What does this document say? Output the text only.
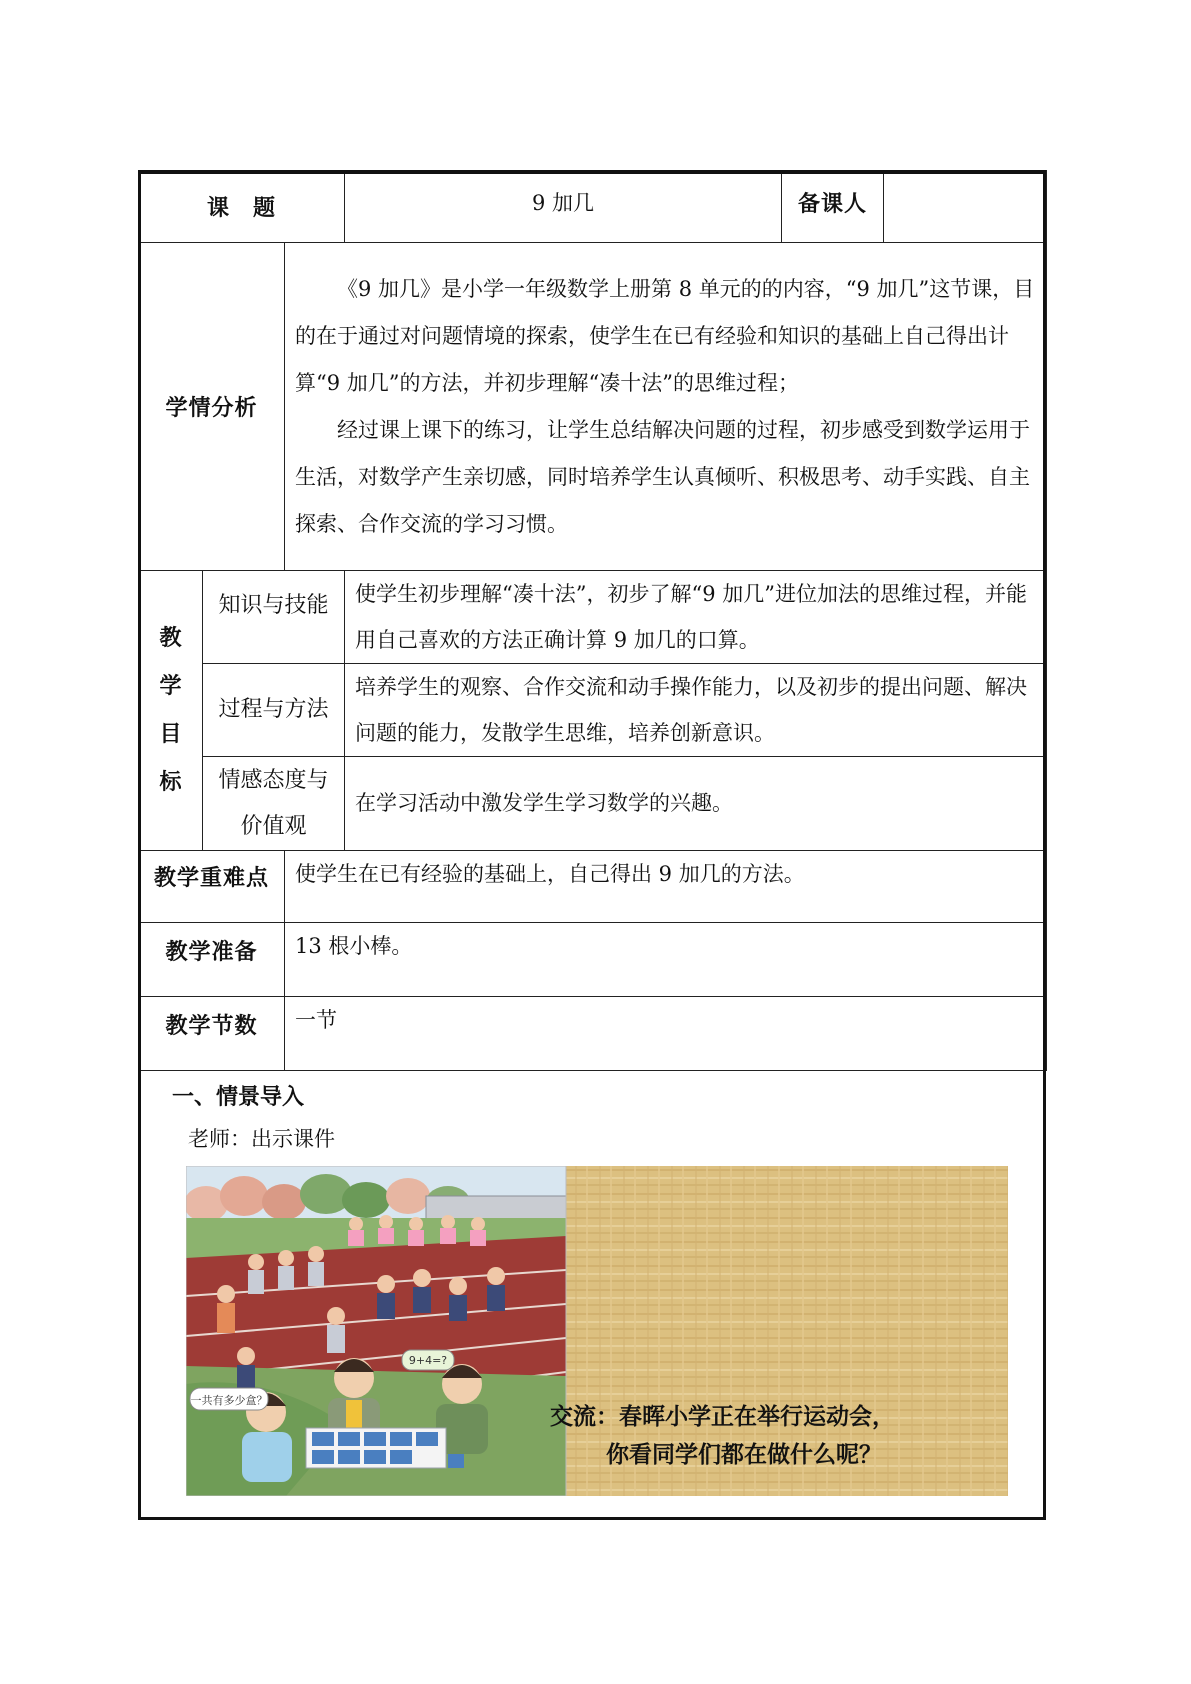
课　题			9 加几	备课人	
学情分析		《9 加几》是小学一年级数学上册第 8 单元的的内容，“9 加几”这节课，目的在于通过对问题情境的探索，使学生在已有经验和知识的基础上自己得出计算“9 加几”的方法，并初步理解“凑十法”的思维过程；

经过课上课下的练习，让学生总结解决问题的过程，初步感受到数学运用于生活，对数学产生亲切感，同时培养学生认真倾听、积极思考、动手实践、自主探索、合作交流的学习习惯。			

教
学
目
标	知识与技能		使学生初步理解“凑十法”，初步了解“9 加几”进位加法的思维过程，并能用自己喜欢的方法正确计算 9 加几的口算。		
	过程与方法		培养学生的观察、合作交流和动手操作能力，以及初步的提出问题、解决问题的能力，发散学生思维，培养创新意识。		

	情感态度与
价值观		在学习活动中激发学生学习数学的兴趣。		
教学重难点		使学生在已有经验的基础上，自己得出 9 加几的方法。			
教学准备		13 根小棒。			
教学节数		一节			
一、情景导入
老师：出示课件
一共有多少盒？
9+4=?
交流：春晖小学正在举行运动会，
你看同学们都在做什么呢？
